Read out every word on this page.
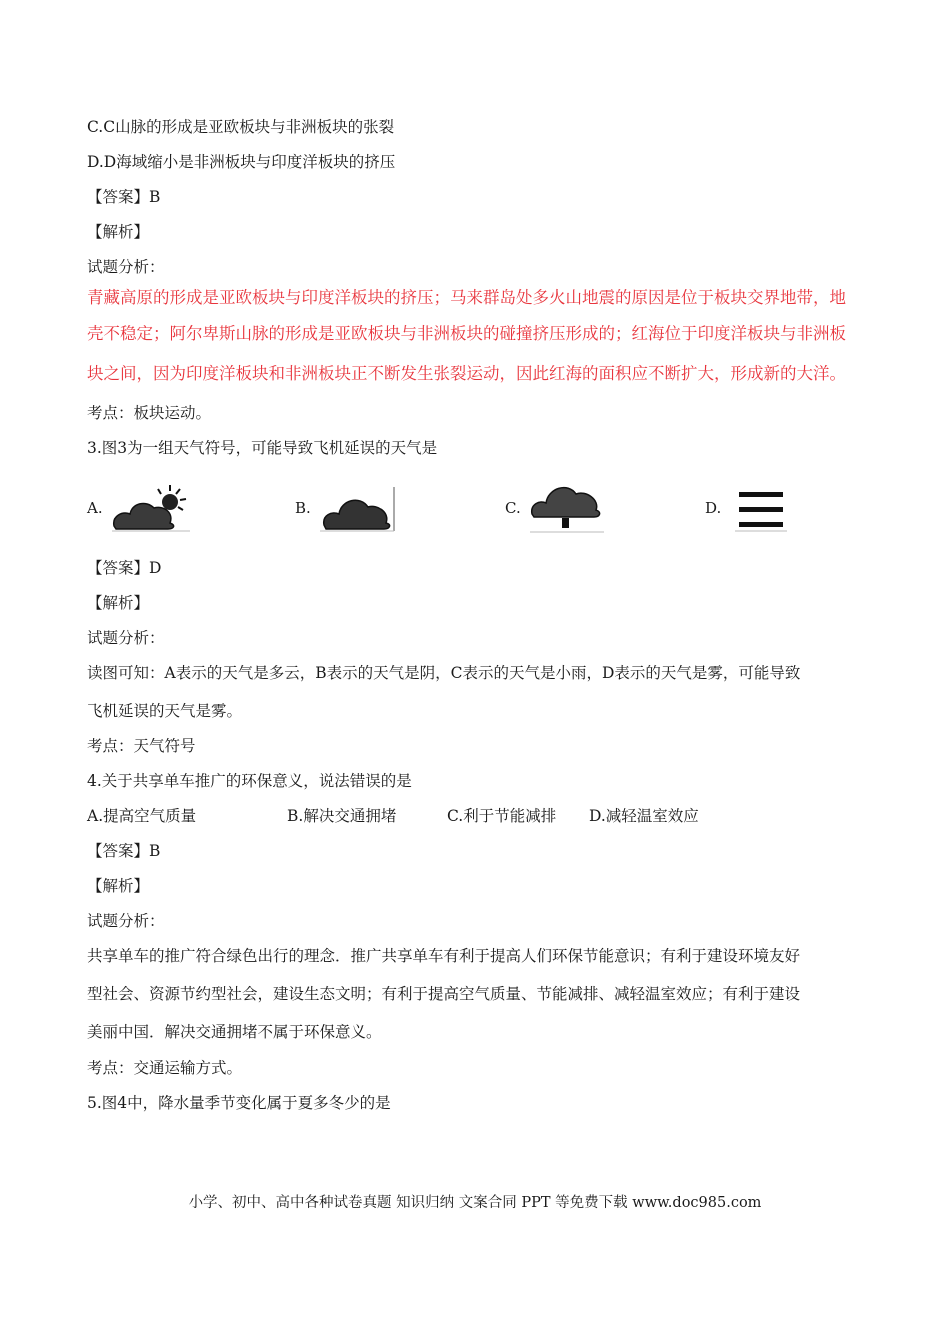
C.C山脉的形成是亚欧板块与非洲板块的张裂
D.D海域缩小是非洲板块与印度洋板块的挤压
【答案】B
【解析】
试题分析：
青藏高原的形成是亚欧板块与印度洋板块的挤压；马来群岛处多火山地震的原因是位于板块交界地带，地
壳不稳定；阿尔卑斯山脉的形成是亚欧板块与非洲板块的碰撞挤压形成的；红海位于印度洋板块与非洲板
块之间，因为印度洋板块和非洲板块正不断发生张裂运动，因此红海的面积应不断扩大，形成新的大洋。
考点：板块运动。
3.图3为一组天气符号，可能导致飞机延误的天气是
A.	B.	C.	D.
【答案】D
【解析】
试题分析：
读图可知：A表示的天气是多云，B表示的天气是阴，C表示的天气是小雨，D表示的天气是雾，可能导致
飞机延误的天气是雾。
考点：天气符号
4.关于共享单车推广的环保意义，说法错误的是
A.提高空气质量	B.解决交通拥堵	C.利于节能减排 D.减轻温室效应
【答案】B
【解析】
试题分析：
共享单车的推广符合绿色出行的理念．推广共享单车有利于提高人们环保节能意识；有利于建设环境友好
型社会、资源节约型社会，建设生态文明；有利于提高空气质量、节能减排、减轻温室效应；有利于建设
美丽中国．解决交通拥堵不属于环保意义。
考点：交通运输方式。
5.图4中，降水量季节变化属于夏多冬少的是
小学、初中、高中各种试卷真题 知识归纳 文案合同 PPT 等免费下载 www.doc985.com
